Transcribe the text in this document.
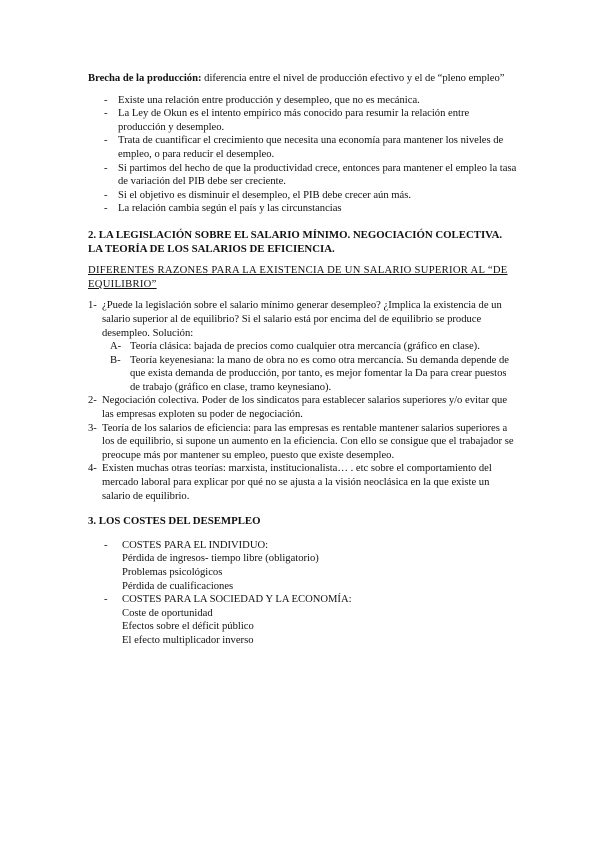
Brecha de la producción: diferencia entre el nivel de producción efectivo y el de “pleno empleo”

- Existe una relación entre producción y desempleo, que no es mecánica.
- La Ley de Okun es el intento empírico más conocido para resumir la relación entre producción y desempleo.
- Trata de cuantificar el crecimiento que necesita una economía para mantener los niveles de empleo, o para reducir el desempleo.
- Si partimos del hecho de que la productividad crece, entonces para mantener el empleo la tasa de variación del PIB debe ser creciente.
- Si el objetivo es disminuir el desempleo, el PIB debe crecer aún más.
- La relación cambia según el país y las circunstancias
2. LA LEGISLACIÓN SOBRE EL SALARIO MÍNIMO. NEGOCIACIÓN COLECTIVA.
LA TEORÍA DE LOS SALARIOS DE EFICIENCIA.

DIFERENTES RAZONES PARA LA EXISTENCIA DE UN SALARIO SUPERIOR AL “DE EQUILIBRIO”

1- ¿Puede la legislación sobre el salario mínimo generar desempleo? ¿Implica la existencia de un salario superior al de equilibrio? Si el salario está por encima del de equilibrio se produce desempleo. Solución:
A- Teoría clásica: bajada de precios como cualquier otra mercancía (gráfico en clase).
B- Teoría keyenesiana: la mano de obra no es como otra mercancía. Su demanda depende de que exista demanda de producción, por tanto, es mejor fomentar la Da para crear puestos de trabajo (gráfico en clase, tramo keynesiano).
2- Negociación colectiva. Poder de los sindicatos para establecer salarios superiores y/o evitar que las empresas exploten su poder de negociación.
3- Teoría de los salarios de eficiencia: para las empresas es rentable mantener salarios superiores a los de equilibrio, si supone un aumento en la eficiencia. Con ello se consigue que el trabajador se preocupe más por mantener su empleo, puesto que existe desempleo.
4- Existen muchas otras teorías: marxista, institucionalista… . etc sobre el comportamiento del mercado laboral para explicar por qué no se ajusta a la visión neoclásica en la que existe un salario de equilibrio.
3. LOS COSTES DEL DESEMPLEO
- COSTES PARA EL INDIVIDUO:
Pérdida de ingresos- tiempo libre (obligatorio)
Problemas psicológicos
Pérdida de cualificaciones
- COSTES PARA LA SOCIEDAD Y LA ECONOMÍA:
Coste de oportunidad
Efectos sobre el déficit público
El efecto multiplicador inverso
